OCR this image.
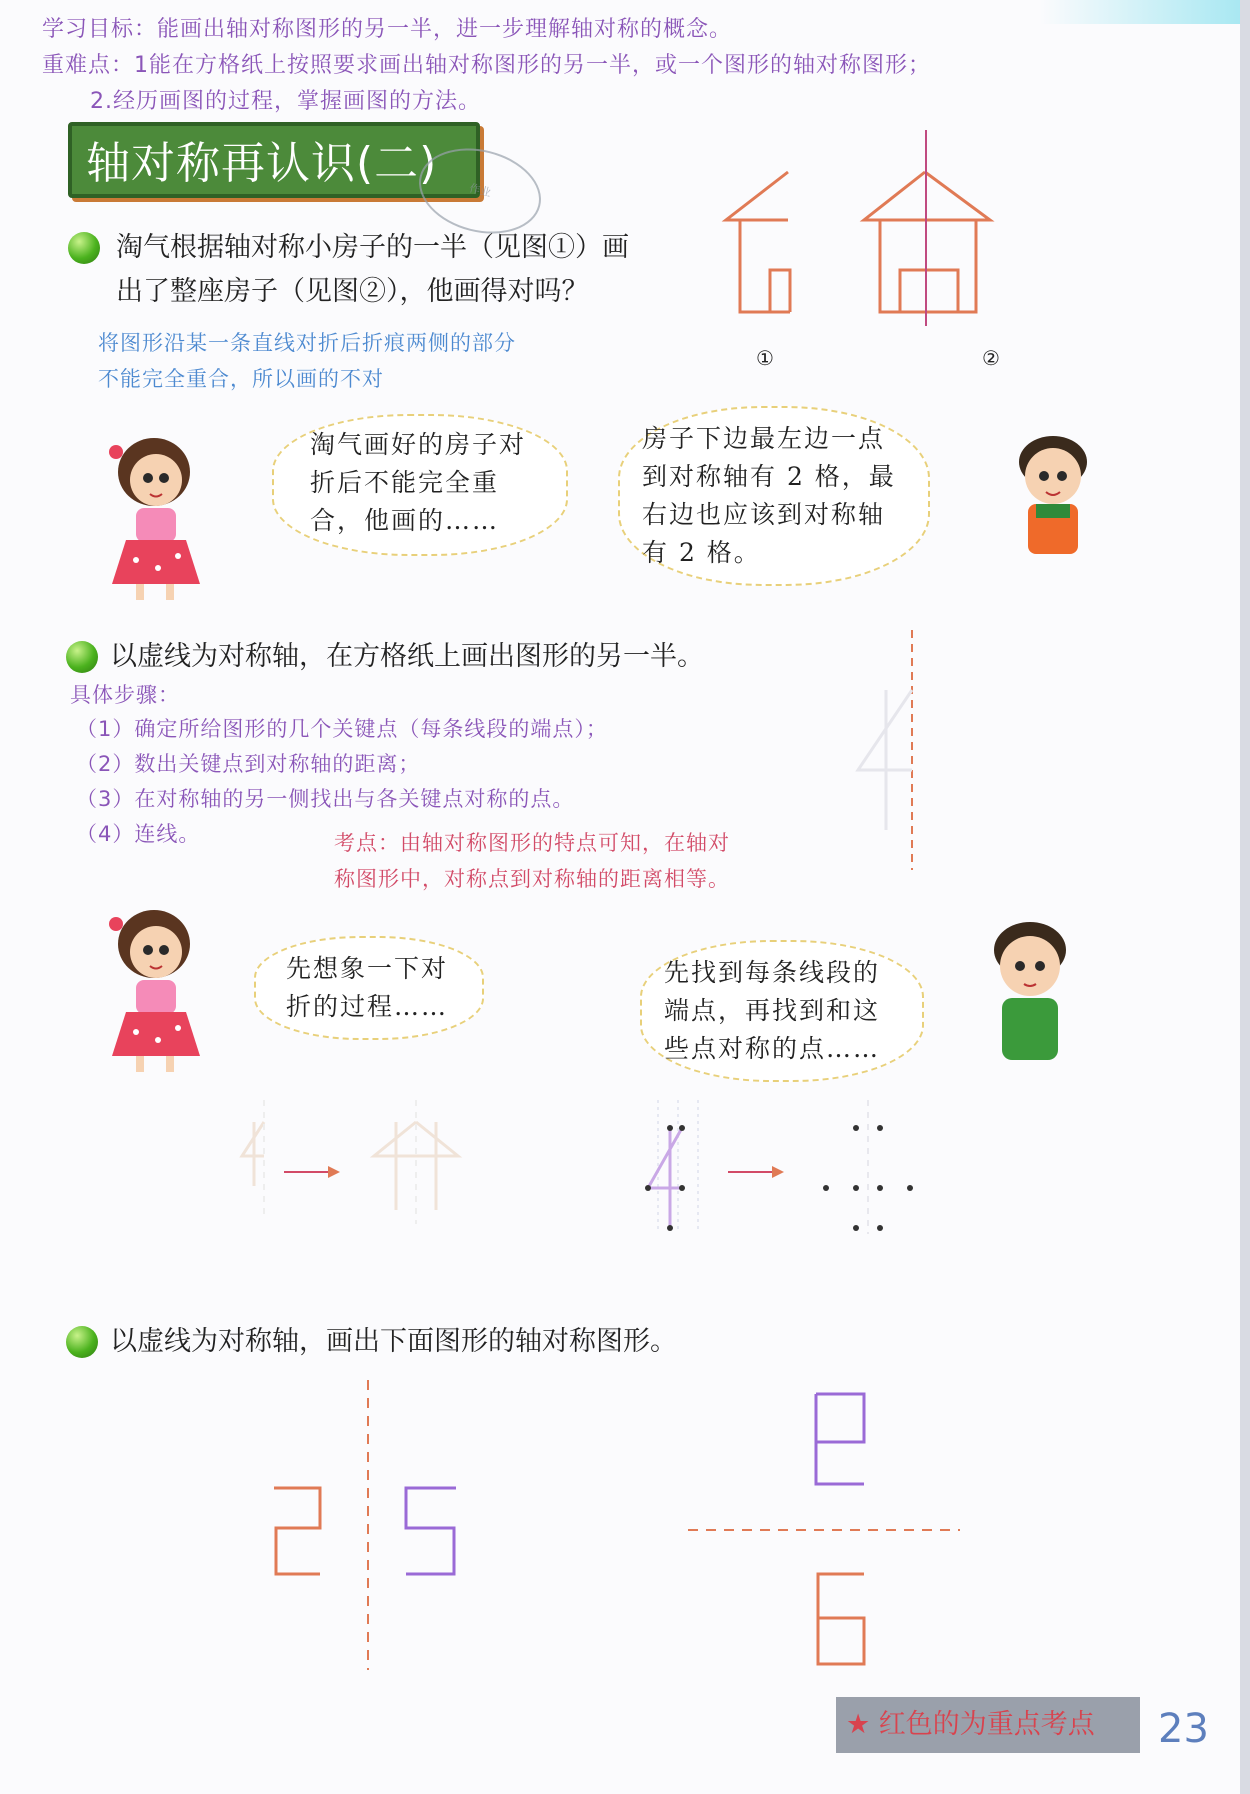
学习目标：能画出轴对称图形的另一半，进一步理解轴对称的概念。
重难点：1能在方格纸上按照要求画出轴对称图形的另一半，或一个图形的轴对称图形；
2.经历画图的过程，掌握画图的方法。
轴对称再认识(二)
作业
淘气根据轴对称小房子的一半（见图①）画
出了整座房子（见图②），他画得对吗？
将图形沿某一条直线对折后折痕两侧的部分
不能完全重合，所以画的不对
①	②
淘气画好的房子对
折后不能完全重
合，他画的……
房子下边最左边一点
到对称轴有 2 格，最
右边也应该到对称轴
有 2 格。
以虚线为对称轴，在方格纸上画出图形的另一半。
具体步骤：
（1）确定所给图形的几个关键点（每条线段的端点）；
（2）数出关键点到对称轴的距离；
（3）在对称轴的另一侧找出与各关键点对称的点。
（4）连线。	考点：由轴对称图形的特点可知，在轴对
称图形中，对称点到对称轴的距离相等。
先想象一下对
折的过程……
先找到每条线段的
端点，再找到和这
些点对称的点……
以虚线为对称轴，画出下面图形的轴对称图形。
★ 红色的为重点考点	23
